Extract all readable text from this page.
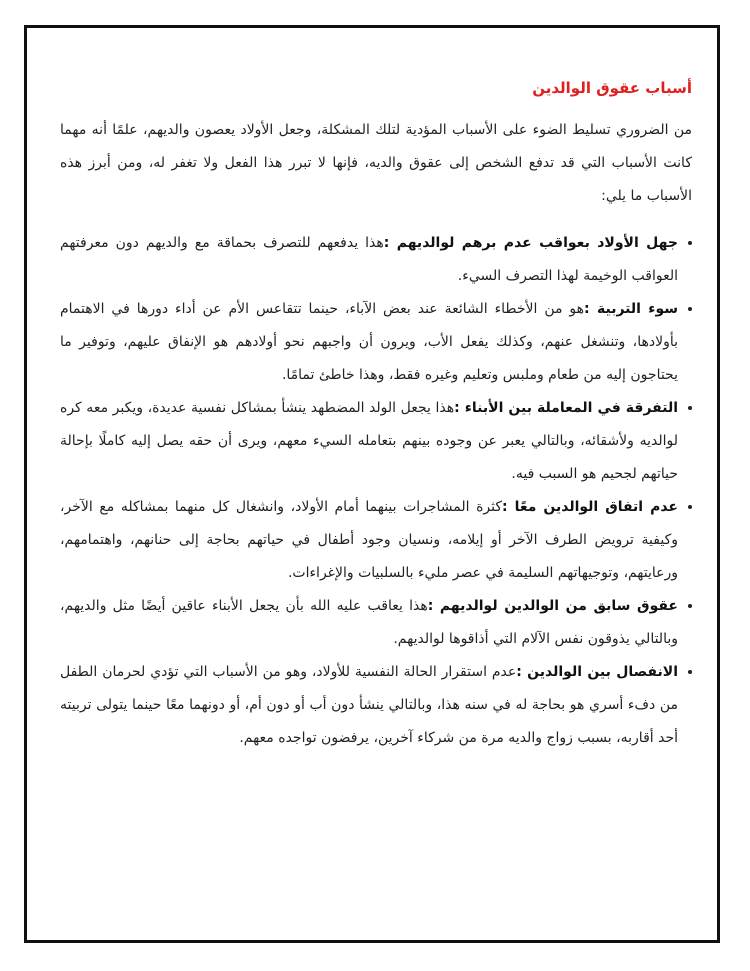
أسباب عقوق الوالدين

من الضروري تسليط الضوء على الأسباب المؤدية لتلك المشكلة، وجعل الأولاد يعصون والديهم، علمًا أنه مهما كانت الأسباب التي قد تدفع الشخص إلى عقوق والديه، فإنها لا تبرر هذا الفعل ولا تغفر له، ومن أبرز هذه الأسباب ما يلي:

جهل الأولاد بعواقب عدم برهم لوالديهم :هذا يدفعهم للتصرف بحماقة مع والديهم دون معرفتهم العواقب الوخيمة لهذا التصرف السيء.
سوء التربية :هو من الأخطاء الشائعة عند بعض الآباء، حينما تتقاعس الأم عن أداء دورها في الاهتمام بأولادها، وتنشغل عنهم، وكذلك يفعل الأب، ويرون أن واجبهم نحو أولادهم هو الإنفاق عليهم، وتوفير ما يحتاجون إليه من طعام وملبس وتعليم وغيره فقط، وهذا خاطئ تمامًا.
التفرقة في المعاملة بين الأبناء :هذا يجعل الولد المضطهد ينشأ بمشاكل نفسية عديدة، ويكبر معه كره لوالديه ولأشقائه، وبالتالي يعبر عن وجوده بينهم بتعامله السيء معهم، ويرى أن حقه يصل إليه كاملًا بإحالة حياتهم لجحيم هو السبب فيه.
عدم اتفاق الوالدين معًا :كثرة المشاجرات بينهما أمام الأولاد، وانشغال كل منهما بمشاكله مع الآخر، وكيفية ترويض الطرف الآخر أو إيلامه، ونسيان وجود أطفال في حياتهم بحاجة إلى حنانهم، واهتمامهم، ورعايتهم، وتوجيهاتهم السليمة في عصر مليء بالسلبيات والإغراءات.
عقوق سابق من الوالدين لوالديهم :هذا يعاقب عليه الله بأن يجعل الأبناء عاقين أيضًا مثل والديهم، وبالتالي يذوقون نفس الآلام التي أذاقوها لوالديهم.
الانفصال بين الوالدين :عدم استقرار الحالة النفسية للأولاد، وهو من الأسباب التي تؤدي لحرمان الطفل من دفء أسري هو بحاجة له في سنه هذا، وبالتالي ينشأ دون أب أو دون أم، أو دونهما معًا حينما يتولى تربيته أحد أقاربه، بسبب زواج والديه مرة من شركاء آخرين، يرفضون تواجده معهم.
